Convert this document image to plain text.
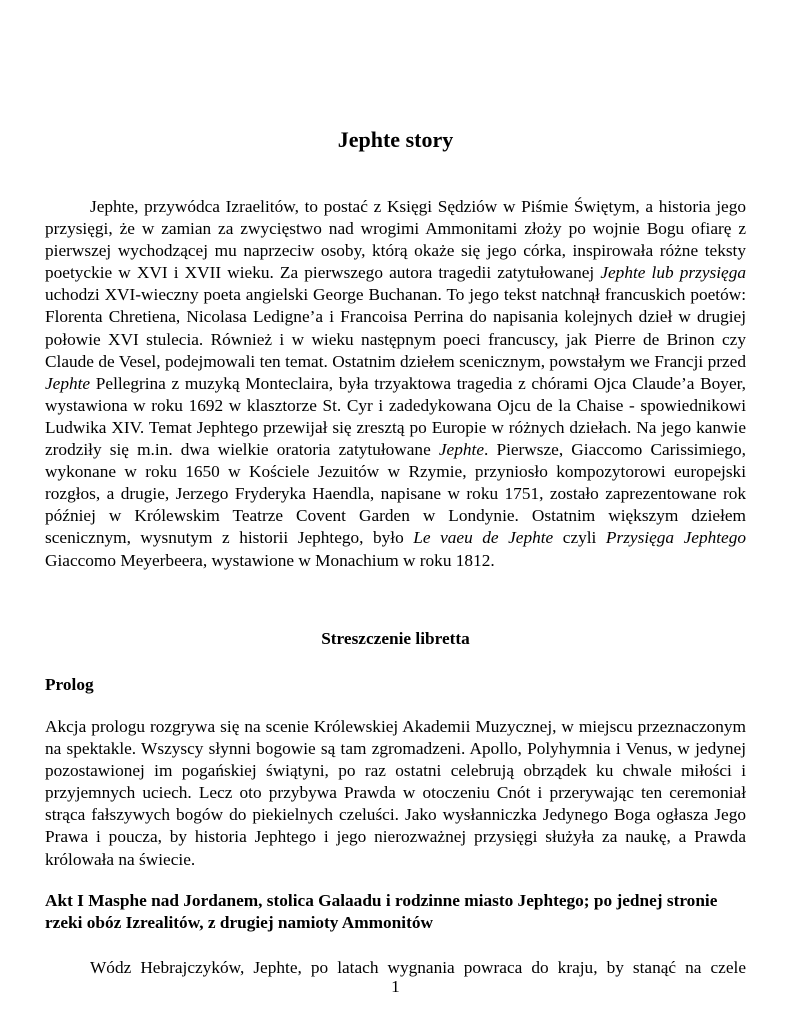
Jephte story

Jephte, przywódca Izraelitów, to postać z Księgi Sędziów w Piśmie Świętym, a historia jego przysięgi, że w zamian za zwycięstwo nad wrogimi Ammonitami złoży po wojnie Bogu ofiarę z pierwszej wychodzącej mu naprzeciw osoby, którą okaże się jego córka, inspirowała różne teksty poetyckie w XVI i XVII wieku. Za pierwszego autora tragedii zatytułowanej Jephte lub przysięga uchodzi XVI-wieczny poeta angielski George Buchanan. To jego tekst natchnął francuskich poetów: Florenta Chretiena, Nicolasa Ledigne’a i Francoisa Perrina do napisania kolejnych dzieł w drugiej połowie XVI stulecia. Również i w wieku następnym poeci francuscy, jak Pierre de Brinon czy Claude de Vesel, podejmowali ten temat. Ostatnim dziełem scenicznym, powstałym we Francji przed Jephte Pellegrina z muzyką Monteclaira, była trzyaktowa tragedia z chórami Ojca Claude’a Boyer, wystawiona w roku 1692 w klasztorze St. Cyr i zadedykowana Ojcu de la Chaise - spowiednikowi Ludwika XIV. Temat Jephtego przewijał się zresztą po Europie w różnych dziełach. Na jego kanwie zrodziły się m.in. dwa wielkie oratoria zatytułowane Jephte. Pierwsze, Giaccomo Carissimiego, wykonane w roku 1650 w Kościele Jezuitów w Rzymie, przyniosło kompozytorowi europejski rozgłos, a drugie, Jerzego Fryderyka Haendla, napisane w roku 1751, zostało zaprezentowane rok później w Królewskim Teatrze Covent Garden w Londynie. Ostatnim większym dziełem scenicznym, wysnutym z historii Jephtego, było Le vaeu de Jephte czyli Przysięga Jephtego Giaccomo Meyerbeera, wystawione w Monachium w roku 1812.

Streszczenie libretta
Prolog

Akcja prologu rozgrywa się na scenie Królewskiej Akademii Muzycznej, w miejscu przeznaczonym na spektakle. Wszyscy słynni bogowie są tam zgromadzeni. Apollo, Polyhymnia i Venus, w jedynej pozostawionej im pogańskiej świątyni, po raz ostatni celebrują obrządek ku chwale miłości i przyjemnych uciech. Lecz oto przybywa Prawda w otoczeniu Cnót i przerywając ten ceremoniał strąca fałszywych bogów do piekielnych czeluści. Jako wysłanniczka Jedynego Boga ogłasza Jego Prawa i poucza, by historia Jephtego i jego nierozważnej przysięgi służyła za naukę, a Prawda królowała na świecie.

Akt I Masphe nad Jordanem, stolica Galaadu i rodzinne miasto Jephtego; po jednej stronie rzeki obóz Izrealitów, z drugiej namioty Ammonitów

Wódz Hebrajczyków, Jephte, po latach wygnania powraca do kraju, by stanąć na czele

1
